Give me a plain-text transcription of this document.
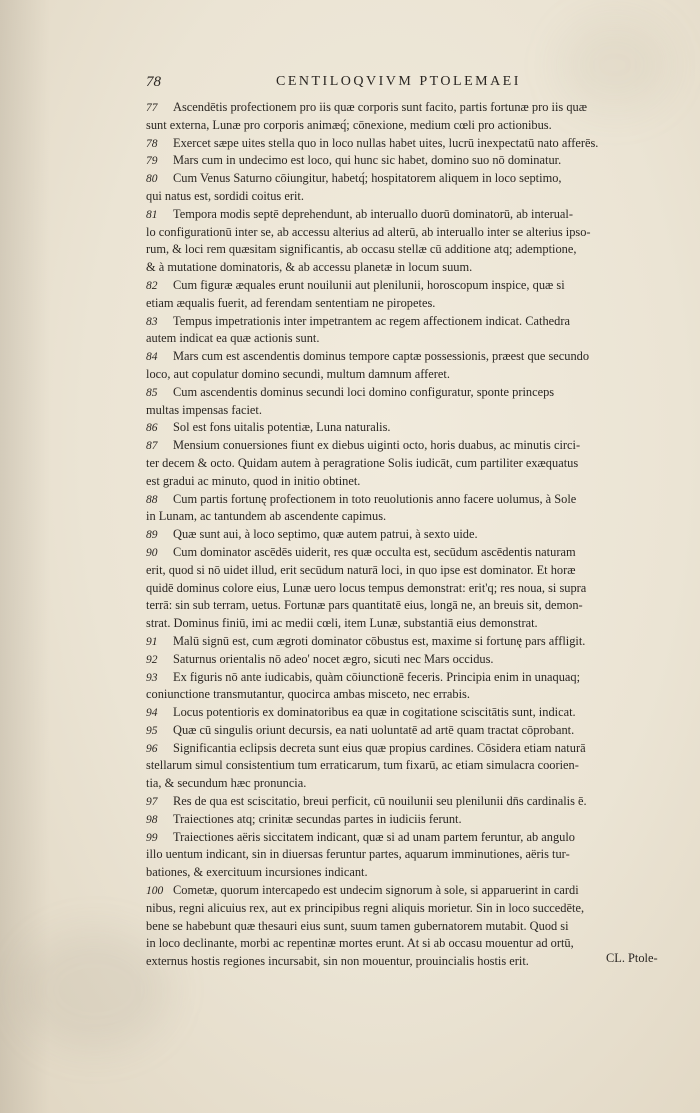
78	CENTILOQVIVM PTOLEMAEI
77 Ascendētis profectionem pro iis quæ corporis sunt facito, partis fortunæ pro iis quæ
sunt externa, Lunæ pro corporis animæq́; cōnexione, medium cœli pro actionibus.
78 Exercet sæpe uites stella quo in loco nullas habet uites, lucrū inexpectatū nato afferēs.
79 Mars cum in undecimo est loco, qui hunc sic habet, domino suo nō dominatur.
80 Cum Venus Saturno cōiungitur, habetq́; hospitatorem aliquem in loco septimo,
qui natus est, sordidi coitus erit.
81 Tempora modis septē deprehendunt, ab interuallo duorū dominatorū, ab interual-
lo configurationū inter se, ab accessu alterius ad alterū, ab interuallo inter se alterius ipso-
rum, & loci rem quæsitam significantis, ab occasu stellæ cū additione atq; ademptione,
& à mutatione dominatoris, & ab accessu planetæ in locum suum.
82 Cum figuræ æquales erunt nouilunii aut plenilunii, horoscopum inspice, quæ si
etiam æqualis fuerit, ad ferendam sententiam ne piropetes.
83 Tempus impetrationis inter impetrantem ac regem affectionem indicat. Cathedra
autem indicat ea quæ actionis sunt.
84 Mars cum est ascendentis dominus tempore captæ possessionis, præest que secundo
loco, aut copulatur domino secundi, multum damnum afferet.
85 Cum ascendentis dominus secundi loci domino configuratur, sponte princeps
multas impensas faciet.
86 Sol est fons uitalis potentiæ, Luna naturalis.
87 Mensium conuersiones fiunt ex diebus uiginti octo, horis duabus, ac minutis circi-
ter decem & octo. Quidam autem à peragratione Solis iudicāt, cum partiliter exæquatus
est gradui ac minuto, quod in initio obtinet.
88 Cum partis fortunę profectionem in toto reuolutionis anno facere uolumus, à Sole
in Lunam, ac tantundem ab ascendente capimus.
89 Quæ sunt aui, à loco septimo, quæ autem patrui, à sexto uide.
90 Cum dominator ascēdēs uiderit, res quæ occulta est, secūdum ascēdentis naturam
erit, quod si nō uidet illud, erit secūdum naturā loci, in quo ipse est dominator. Et horæ
quidē dominus colore eius, Lunæ uero locus tempus demonstrat: erit'q; res noua, si supra
terrā: sin sub terram, uetus. Fortunæ pars quantitatē eius, longā ne, an breuis sit, demon-
strat. Dominus finiū, imi ac medii cœli, item Lunæ, substantiā eius demonstrat.
91 Malū signū est, cum ægroti dominator cōbustus est, maxime si fortunę pars affligit.
92 Saturnus orientalis nō adeo' nocet ægro, sicuti nec Mars occidus.
93 Ex figuris nō ante iudicabis, quàm cōiunctionē feceris. Principia enim in unaquaq;
coniunctione transmutantur, quocirca ambas misceto, nec errabis.
94 Locus potentioris ex dominatoribus ea quæ in cogitatione sciscitātis sunt, indicat.
95 Quæ cū singulis oriunt decursis, ea nati uoluntatē ad artē quam tractat cōprobant.
96 Significantia eclipsis decreta sunt eius quæ propius cardines. Cōsidera etiam naturā
stellarum simul consistentium tum erraticarum, tum fixarū, ac etiam simulacra coorien-
tia, & secundum hæc pronuncia.
97 Res de qua est sciscitatio, breui perficit, cū nouilunii seu plenilunii dn̄s cardinalis ē.
98 Traiectiones atq; crinitæ secundas partes in iudiciis ferunt.
99 Traiectiones aëris siccitatem indicant, quæ si ad unam partem feruntur, ab angulo
illo uentum indicant, sin in diuersas feruntur partes, aquarum imminutiones, aëris tur-
bationes, & exercituum incursiones indicant.
100 Cometæ, quorum intercapedo est undecim signorum à sole, si apparuerint in cardi
nibus, regni alicuius rex, aut ex principibus regni aliquis morietur. Sin in loco succedēte,
bene se habebunt quæ thesauri eius sunt, suum tamen gubernatorem mutabit. Quod si
in loco declinante, morbi ac repentinæ mortes erunt. At si ab occasu mouentur ad ortū,
externus hostis regiones incursabit, sin non mouentur, prouincialis hostis erit.	CL. Ptole-
